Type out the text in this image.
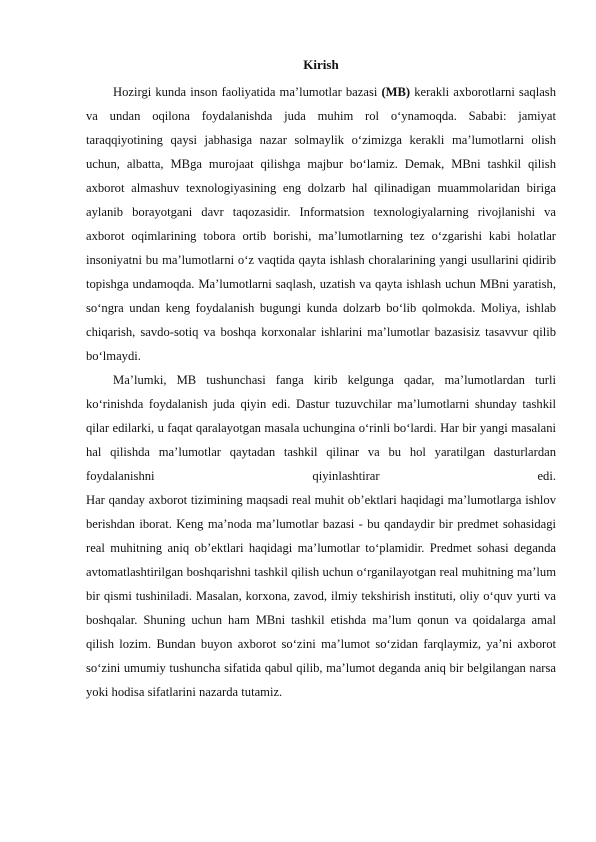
Kirish

Hozirgi kunda inson faoliyatida ma’lumotlar bazasi (MB) kerakli axborotlarni saqlash va undan oqilona foydalanishda juda muhim rol o‘ynamoqda. Sababi: jamiyat taraqqiyotining qaysi jabhasiga nazar solmaylik o‘zimizga kerakli ma’lumotlarni olish uchun, albatta, MBga murojaat qilishga majbur bo‘lamiz. Demak, MBni tashkil qilish axborot almashuv texnologiyasining eng dolzarb hal qilinadigan muammolaridan biriga aylanib borayotgani davr taqozasidir. Informatsion texnologiyalarning rivojlanishi va axborot oqimlarining tobora ortib borishi, ma’lumotlarning tez o‘zgarishi kabi holatlar insoniyatni bu ma’lumotlarni o‘z vaqtida qayta ishlash choralarining yangi usullarini qidirib topishga undamoqda. Ma’lumotlarni saqlash, uzatish va qayta ishlash uchun MBni yaratish, so‘ngra undan keng foydalanish bugungi kunda dolzarb bo‘lib qolmokda. Moliya, ishlab chiqarish, savdo-sotiq va boshqa korxonalar ishlarini ma’lumotlar bazasisiz tasavvur qilib bo‘lmaydi.

Ma’lumki, MB tushunchasi fanga kirib kelgunga qadar, ma’lumotlardan turli ko‘rinishda foydalanish juda qiyin edi. Dastur tuzuvchilar ma’lumotlarni shunday tashkil qilar edilarki, u faqat qaralayotgan masala uchungina o‘rinli bo‘lardi. Har bir yangi masalani hal qilishda ma’lumotlar qaytadan tashkil qilinar va bu hol yaratilgan dasturlardan foydalanishni qiyinlashtirar edi.

Har qanday axborot tizimining maqsadi real muhit ob’ektlari haqidagi ma’lumotlarga ishlov berishdan iborat. Keng ma’noda ma’lumotlar bazasi - bu qandaydir bir predmet sohasidagi real muhitning aniq ob’ektlari haqidagi ma’lumotlar to‘plamidir. Predmet sohasi deganda avtomatlashtirilgan boshqarishni tashkil qilish uchun o‘rganilayotgan real muhitning ma’lum bir qismi tushiniladi. Masalan, korxona, zavod, ilmiy tekshirish instituti, oliy o‘quv yurti va boshqalar. Shuning uchun ham MBni tashkil etishda ma’lum qonun va qoidalarga amal qilish lozim. Bundan buyon axborot so‘zini ma’lumot so‘zidan farqlaymiz, ya’ni axborot so‘zini umumiy tushuncha sifatida qabul qilib, ma’lumot deganda aniq bir belgilangan narsa yoki hodisa sifatlarini nazarda tutamiz.
